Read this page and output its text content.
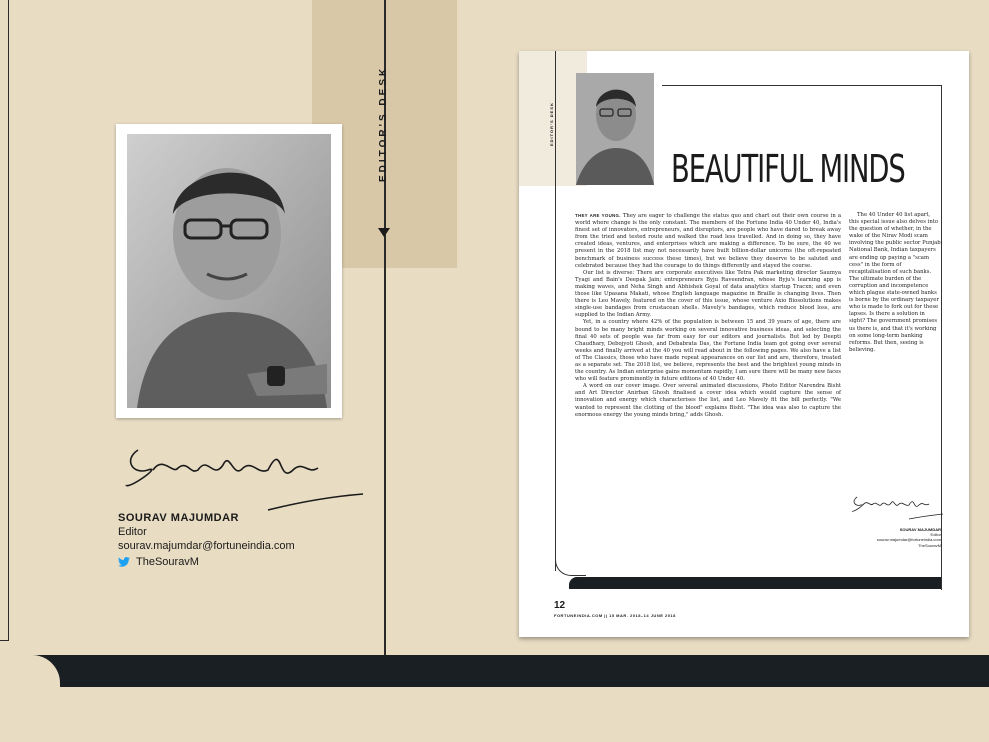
EDITOR'S DESK
SOURAV MAJUMDAR
Editor
sourav.majumdar@fortuneindia.com
TheSouravM
EDITOR'S DESK
BEAUTIFUL MINDS

THEY ARE YOUNG. They are eager to challenge the status quo and chart out their own course in a world where change is the only constant. The members of the Fortune India 40 Under 40, India's finest set of innovators, entrepreneurs, and disruptors, are people who have dared to break away from the tried and tested route and walked the road less travelled. And in doing so, they have created ideas, ventures, and enterprises which are making a difference. To be sure, the 40 we present in the 2018 list may not necessarily have built billion-dollar unicorns (the oft-repeated benchmark of business success these times), but we believe they deserve to be saluted and celebrated because they had the courage to do things differently and stayed the course.

Our list is diverse: There are corporate executives like Tetra Pak marketing director Saumya Tyagi and Bain's Deepak Jain; entrepreneurs Byju Raveendran, whose Byju's learning app is making waves, and Neha Singh and Abhishek Goyal of data analytics startup Tracxn; and even those like Upasana Makati, whose English language magazine in Braille is changing lives. Then there is Leo Mavely, featured on the cover of this issue, whose venture Axio Biosolutions makes single-use bandages from crustacean shells. Mavely's bandages, which reduce blood loss, are supplied to the Indian Army.

Yet, in a country where 42% of the population is between 15 and 39 years of age, there are bound to be many bright minds working on several innovative business ideas, and selecting the final 40 sets of people was far from easy for our editors and journalists. But led by Deepti Chaudhary, Debojyoti Ghosh, and Debabrata Das, the Fortune India team got going over several weeks and finally arrived at the 40 you will read about in the following pages. We also have a list of The Classics, those who have made repeat appearances on our list and are, therefore, treated as a separate set. The 2018 list, we believe, represents the best and the brightest young minds in the country. As Indian enterprise gains momentum rapidly, I am sure there will be many new faces who will feature prominently in future editions of 40 Under 40.

A word on our cover image. Over several animated discussions, Photo Editor Narendra Bisht and Art Director Anirban Ghosh finalised a cover idea which would capture the sense of innovation and energy which characterises the list, and Leo Mavely fit the bill perfectly. "We wanted to represent the clotting of the blood" explains Bisht. "The idea was also to capture the enormous energy the young minds bring," adds Ghosh.

The 40 Under 40 list apart, this special issue also delves into the question of whether, in the wake of the Nirav Modi scam involving the public sector Punjab National Bank, Indian taxpayers are ending up paying a "scam cess" in the form of recapitalisation of such banks. The ultimate burden of the corruption and incompetence which plague state-owned banks is borne by the ordinary taxpayer who is made to fork out for these lapses. Is there a solution in sight? The government promises us there is, and that it's working on some long-term banking reforms. But then, seeing is believing.
SOURAV MAJUMDAR
Editor
sourav.majumdar@fortuneindia.com
TheSouravM
12
FORTUNEINDIA.COM || 15 MAR. 2018–14 JUNE 2018
